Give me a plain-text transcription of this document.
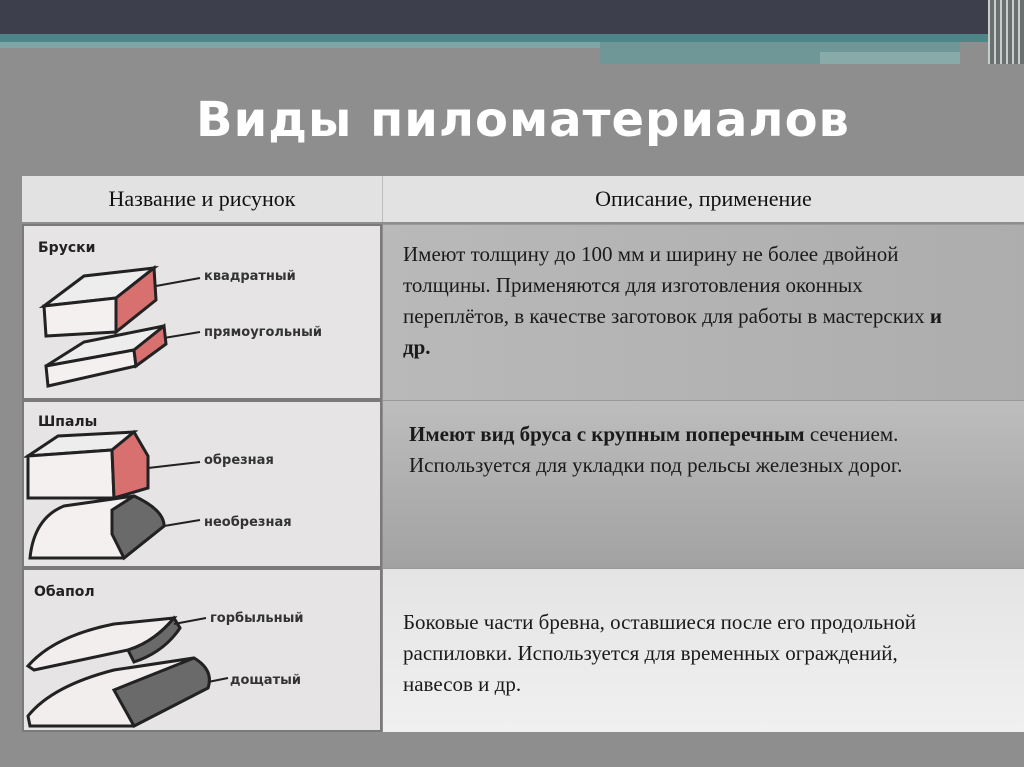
Виды пиломатериалов
Название и рисунок	Описание, применение
Бруски
квадратный
прямоугольный

Имеют толщину до 100 мм и ширину не более двойной толщины. Применяются для изготовления оконных переплётов, в качестве заготовок для работы в мастерских и др.

Шпалы
обрезная
необрезная

Имеют вид бруса с крупным поперечным сечением. Используется для укладки под рельсы железных дорог.

Обапол
горбыльный
дощатый

Боковые части бревна, оставшиеся после его продольной распиловки. Используется для временных ограждений, навесов и др.
